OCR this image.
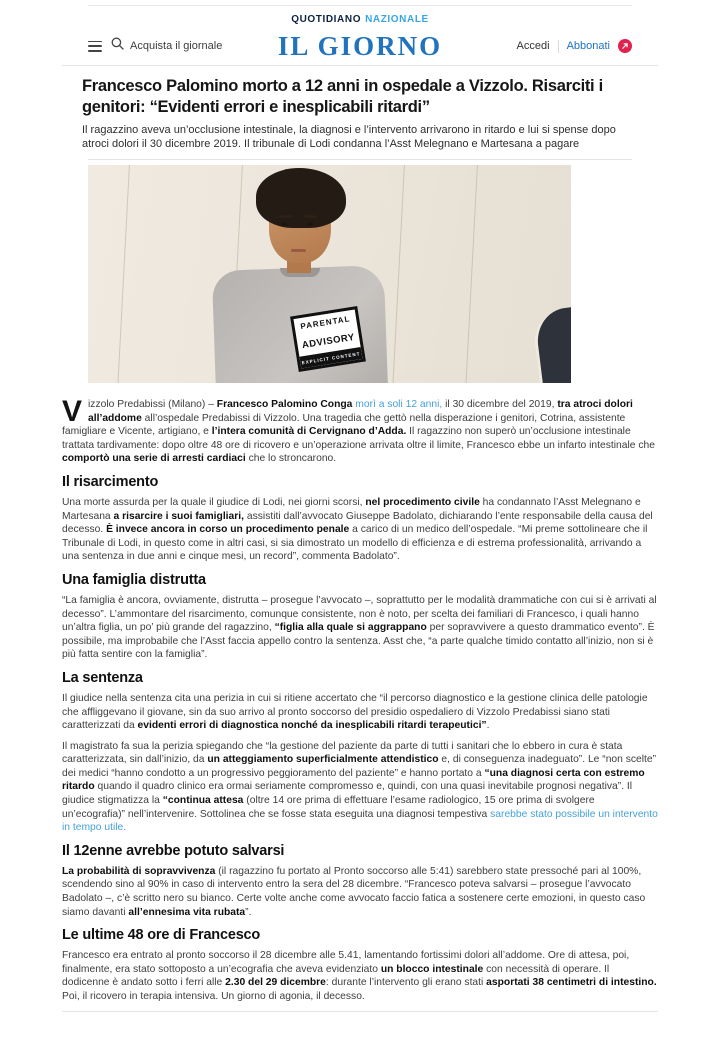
QUOTIDIANO NAZIONALE
Acquista il giornale	IL GIORNO	Accedi Abbonati
Francesco Palomino morto a 12 anni in ospedale a Vizzolo. Risarciti i genitori: “Evidenti errori e inesplicabili ritardi”

Il ragazzino aveva un’occlusione intestinale, la diagnosi e l’intervento arrivarono in ritardo e lui si spense dopo atroci dolori il 30 dicembre 2019. Il tribunale di Lodi condanna l’Asst Melegnano e Martesana a pagare

PARENTAL
ADVISORY
EXPLICIT CONTENT

Vizzolo Predabissi (Milano) – Francesco Palomino Conga morì a soli 12 anni, il 30 dicembre del 2019, tra atroci dolori all’addome all’ospedale Predabissi di Vizzolo. Una tragedia che gettò nella disperazione i genitori, Cotrina, assistente famigliare e Vicente, artigiano, e l’intera comunità di Cervignano d’Adda. Il ragazzino non superò un’occlusione intestinale trattata tardivamente: dopo oltre 48 ore di ricovero e un’operazione arrivata oltre il limite, Francesco ebbe un infarto intestinale che comportò una serie di arresti cardiaci che lo stroncarono.

Il risarcimento

Una morte assurda per la quale il giudice di Lodi, nei giorni scorsi, nel procedimento civile ha condannato l’Asst Melegnano e Martesana a risarcire i suoi famigliari, assistiti dall’avvocato Giuseppe Badolato, dichiarando l’ente responsabile della causa del decesso. È invece ancora in corso un procedimento penale a carico di un medico dell’ospedale. “Mi preme sottolineare che il Tribunale di Lodi, in questo come in altri casi, si sia dimostrato un modello di efficienza e di estrema professionalità, arrivando a una sentenza in due anni e cinque mesi, un record”, commenta Badolato”.

Una famiglia distrutta

“La famiglia è ancora, ovviamente, distrutta – prosegue l’avvocato –, soprattutto per le modalità drammatiche con cui si è arrivati al decesso”. L’ammontare del risarcimento, comunque consistente, non è noto, per scelta dei familiari di Francesco, i quali hanno un’altra figlia, un po’ più grande del ragazzino, “figlia alla quale si aggrappano per sopravvivere a questo drammatico evento”. È possibile, ma improbabile che l’Asst faccia appello contro la sentenza. Asst che, “a parte qualche timido contatto all’inizio, non si è più fatta sentire con la famiglia”.

La sentenza

Il giudice nella sentenza cita una perizia in cui si ritiene accertato che “il percorso diagnostico e la gestione clinica delle patologie che affliggevano il giovane, sin da suo arrivo al pronto soccorso del presidio ospedaliero di Vizzolo Predabissi siano stati caratterizzati da evidenti errori di diagnostica nonché da inesplicabili ritardi terapeutici”.

Il magistrato fa sua la perizia spiegando che “la gestione del paziente da parte di tutti i sanitari che lo ebbero in cura è stata caratterizzata, sin dall’inizio, da un atteggiamento superficialmente attendistico e, di conseguenza inadeguato”. Le “non scelte” dei medici “hanno condotto a un progressivo peggioramento del paziente” e hanno portato a “una diagnosi certa con estremo ritardo quando il quadro clinico era ormai seriamente compromesso e, quindi, con una quasi inevitabile prognosi negativa”. Il giudice stigmatizza la “continua attesa (oltre 14 ore prima di effettuare l’esame radiologico, 15 ore prima di svolgere un’ecografia)” nell’intervenire. Sottolinea che se fosse stata eseguita una diagnosi tempestiva sarebbe stato possibile un intervento in tempo utile.

Il 12enne avrebbe potuto salvarsi

La probabilità di sopravvivenza (il ragazzino fu portato al Pronto soccorso alle 5:41) sarebbero state pressoché pari al 100%, scendendo sino al 90% in caso di intervento entro la sera del 28 dicembre. “Francesco poteva salvarsi – prosegue l’avvocato Badolato –, c’è scritto nero su bianco. Certe volte anche come avvocato faccio fatica a sostenere certe emozioni, in questo caso siamo davanti all’ennesima vita rubata”.

Le ultime 48 ore di Francesco

Francesco era entrato al pronto soccorso il 28 dicembre alle 5.41, lamentando fortissimi dolori all’addome. Ore di attesa, poi, finalmente, era stato sottoposto a un’ecografia che aveva evidenziato un blocco intestinale con necessità di operare. Il dodicenne è andato sotto i ferri alle 2.30 del 29 dicembre: durante l’intervento gli erano stati asportati 38 centimetri di intestino. Poi, il ricovero in terapia intensiva. Un giorno di agonia, il decesso.
